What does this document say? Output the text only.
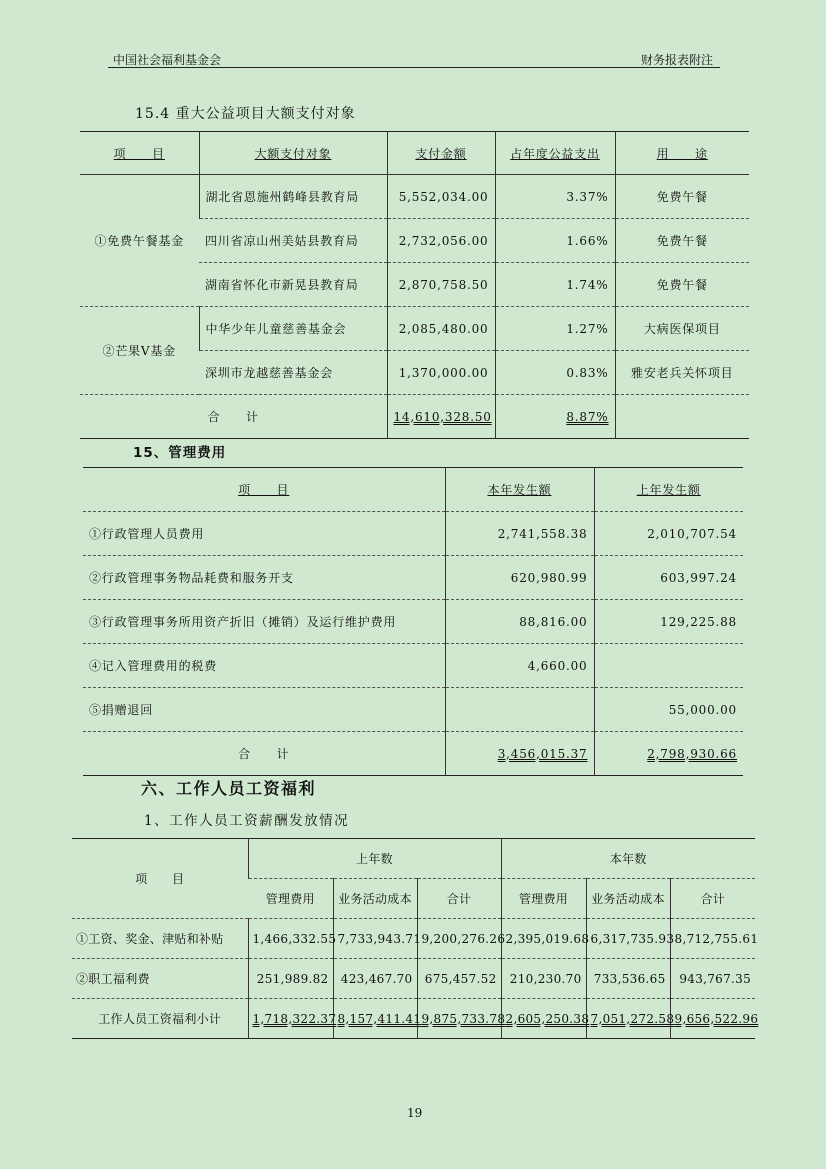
中国社会福利基金会	财务报表附注
15.4 重大公益项目大额支付对象
项　　目	大额支付对象	支付金额	占年度公益支出	用　　途
①免费午餐基金	湖北省恩施州鹤峰县教育局	5,552,034.00	3.37%	免费午餐
	四川省凉山州美姑县教育局	2,732,056.00	1.66%	免费午餐
	湖南省怀化市新晃县教育局	2,870,758.50	1.74%	免费午餐
②芒果Ⅴ基金	中华少年儿童慈善基金会	2,085,480.00	1.27%	大病医保项目
	深圳市龙越慈善基金会	1,370,000.00	0.83%	雅安老兵关怀项目
合　　计		14,610,328.50	8.87%	
15、管理费用
项　　目	本年发生额	上年发生额
①行政管理人员费用	2,741,558.38	2,010,707.54
②行政管理事务物品耗费和服务开支	620,980.99	603,997.24
③行政管理事务所用资产折旧（摊销）及运行维护费用	88,816.00	129,225.88
④记入管理费用的税费	4,660.00	
⑤捐赠退回		55,000.00
合　　计	3,456,015.37	2,798,930.66
六、工作人员工资福利
1、工作人员工资薪酬发放情况
项　　目	上年数			本年数		
	管理费用	业务活动成本	合计	管理费用	业务活动成本	合计
①工资、奖金、津贴和补贴	1,466,332.55	7,733,943.71	9,200,276.26	2,395,019.68	6,317,735.93	8,712,755.61
②职工福利费	251,989.82	423,467.70	675,457.52	210,230.70	733,536.65	943,767.35
工作人员工资福利小计	1,718,322.37	8,157,411.41	9,875,733.78	2,605,250.38	7,051,272.58	9,656,522.96
19
